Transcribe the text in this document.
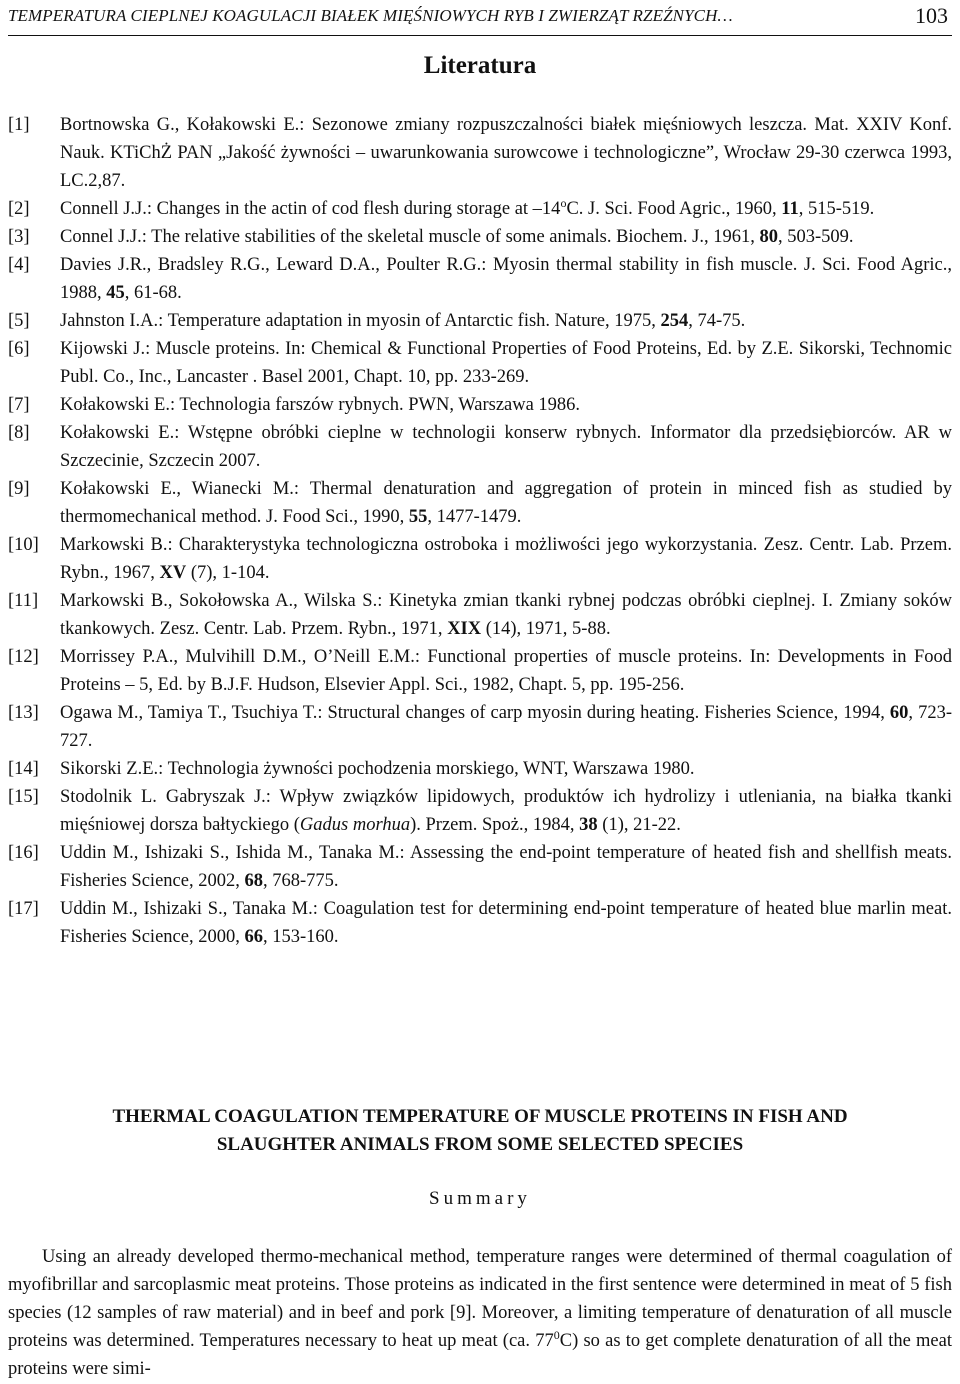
TEMPERATURA CIEPLNEJ KOAGULACJI BIAŁEK MIĘŚNIOWYCH RYB I ZWIERZĄT RZEŹNYCH…	103
Literatura
[1] Bortnowska G., Kołakowski E.: Sezonowe zmiany rozpuszczalności białek mięśniowych leszcza. Mat. XXIV Konf. Nauk. KTiChŻ PAN „Jakość żywności – uwarunkowania surowcowe i technologiczne”, Wrocław 29-30 czerwca 1993, LC.2,87.
[2] Connell J.J.: Changes in the actin of cod flesh during storage at –14$^o$C. J. Sci. Food Agric., 1960, 11, 515-519.
[3] Connel J.J.: The relative stabilities of the skeletal muscle of some animals. Biochem. J., 1961, 80, 503-509.
[4] Davies J.R., Bradsley R.G., Leward D.A., Poulter R.G.: Myosin thermal stability in fish muscle. J. Sci. Food Agric., 1988, 45, 61-68.
[5] Jahnston I.A.: Temperature adaptation in myosin of Antarctic fish. Nature, 1975, 254, 74-75.
[6] Kijowski J.: Muscle proteins. In: Chemical & Functional Properties of Food Proteins, Ed. by Z.E. Sikorski, Technomic Publ. Co., Inc., Lancaster . Basel 2001, Chapt. 10, pp. 233-269.
[7] Kołakowski E.: Technologia farszów rybnych. PWN, Warszawa 1986.
[8] Kołakowski E.: Wstępne obróbki cieplne w technologii konserw rybnych. Informator dla przedsiębiorców. AR w Szczecinie, Szczecin 2007.
[9] Kołakowski E., Wianecki M.: Thermal denaturation and aggregation of protein in minced fish as studied by thermomechanical method. J. Food Sci., 1990, 55, 1477-1479.
[10] Markowski B.: Charakterystyka technologiczna ostroboka i możliwości jego wykorzystania. Zesz. Centr. Lab. Przem. Rybn., 1967, XV (7), 1-104.
[11] Markowski B., Sokołowska A., Wilska S.: Kinetyka zmian tkanki rybnej podczas obróbki cieplnej. I. Zmiany soków tkankowych. Zesz. Centr. Lab. Przem. Rybn., 1971, XIX (14), 1971, 5-88.
[12] Morrissey P.A., Mulvihill D.M., O’Neill E.M.: Functional properties of muscle proteins. In: Developments in Food Proteins – 5, Ed. by B.J.F. Hudson, Elsevier Appl. Sci., 1982, Chapt. 5, pp. 195-256.
[13] Ogawa M., Tamiya T., Tsuchiya T.: Structural changes of carp myosin during heating. Fisheries Science, 1994, 60, 723-727.
[14] Sikorski Z.E.: Technologia żywności pochodzenia morskiego, WNT, Warszawa 1980.
[15] Stodolnik L. Gabryszak J.: Wpływ związków lipidowych, produktów ich hydrolizy i utleniania, na białka tkanki mięśniowej dorsza bałtyckiego (Gadus morhua). Przem. Spoż., 1984, 38 (1), 21-22.
[16] Uddin M., Ishizaki S., Ishida M., Tanaka M.: Assessing the end-point temperature of heated fish and shellfish meats. Fisheries Science, 2002, 68, 768-775.
[17] Uddin M., Ishizaki S., Tanaka M.: Coagulation test for determining end-point temperature of heated blue marlin meat. Fisheries Science, 2000, 66, 153-160.
THERMAL COAGULATION TEMPERATURE OF MUSCLE PROTEINS IN FISH AND
SLAUGHTER ANIMALS FROM SOME SELECTED SPECIES
Summary

Using an already developed thermo-mechanical method, temperature ranges were determined of thermal coagulation of myofibrillar and sarcoplasmic meat proteins. Those proteins as indicated in the first sentence were determined in meat of 5 fish species (12 samples of raw material) and in beef and pork [9]. Moreover, a limiting temperature of denaturation of all muscle proteins was determined. Temperatures necessary to heat up meat (ca. $77^0C$) so as to get complete denaturation of all the meat proteins were simi-
